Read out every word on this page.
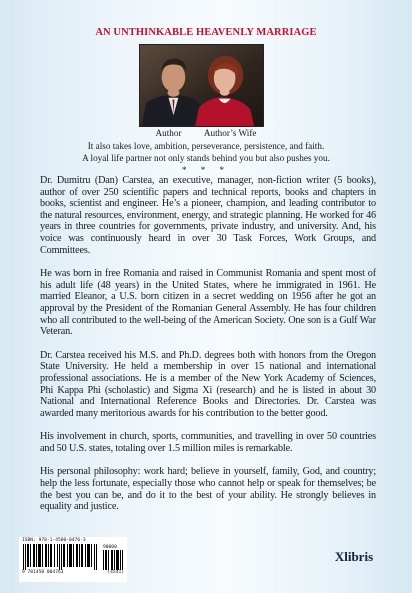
AN UNTHINKABLE HEAVENLY MARRIAGE
Author Author’s Wife
It also takes love, ambition, perseverance, persistence, and faith.
A loyal life partner not only stands behind you but also pushes you.
* * *

Dr. Dumitru (Dan) Carstea, an executive, manager, non-fiction writer (5 books), author of over 250 scientific papers and technical reports, books and chapters in books, scientist and engineer. He’s a pioneer, champion, and leading contributor to the natural resources, environment, energy, and strategic planning. He worked for 46 years in three countries for governments, private industry, and university. And, his voice was continuously heard in over 30 Task Forces, Work Groups, and Committees.

He was born in free Romania and raised in Communist Romania and spent most of his adult life (48 years) in the United States, where he immigrated in 1961. He married Eleanor, a U.S. born citizen in a secret wedding on 1956 after he got an approval by the President of the Romanian General Assembly. He has four children who all contributed to the well-being of the American Society. One son is a Gulf War Veteran.

Dr. Carstea received his M.S. and Ph.D. degrees both with honors from the Oregon State University. He held a membership in over 15 national and international professional associations. He is a member of the New York Academy of Sciences, Phi Kappa Phi (scholastic) and Sigma Xi (research) and he is listed in about 30 National and International Reference Books and Directories. Dr. Carstea was awarded many meritorious awards for his contribution to the better good.

His involvement in church, sports, communities, and travelling in over 50 countries and 50 U.S. states, totaling over 1.5 million miles is remarkable.

His personal philosophy: work hard; believe in yourself, family, God, and country; help the less fortunate, especially those who cannot help or speak for themselves; be the best you can be, and do it to the best of your ability. He strongly believes in equality and justice.

ISBN: 978-1-4500-0476-3
90000
9 781450 004763	(4541)
Xlibris
